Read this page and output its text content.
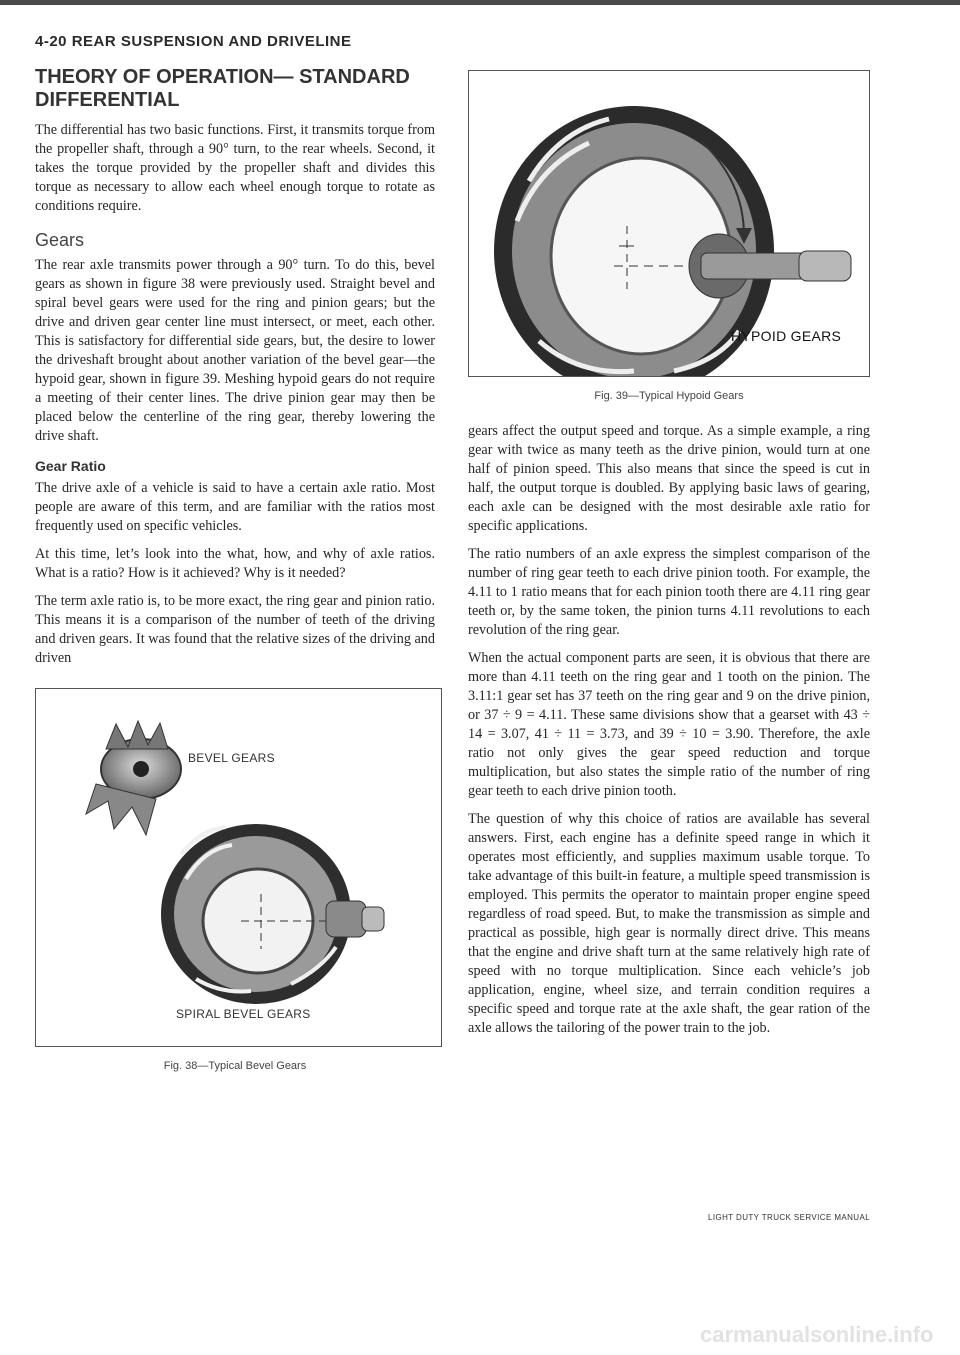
4-20 REAR SUSPENSION AND DRIVELINE
THEORY OF OPERATION— STANDARD DIFFERENTIAL

The differential has two basic functions. First, it transmits torque from the propeller shaft, through a 90° turn, to the rear wheels. Second, it takes the torque provided by the propeller shaft and divides this torque as necessary to allow each wheel enough torque to rotate as conditions require.

Gears

The rear axle transmits power through a 90° turn. To do this, bevel gears as shown in figure 38 were previously used. Straight bevel and spiral bevel gears were used for the ring and pinion gears; but the drive and driven gear center line must intersect, or meet, each other. This is satisfactory for differential side gears, but, the desire to lower the driveshaft brought about another variation of the bevel gear—the hypoid gear, shown in figure 39. Meshing hypoid gears do not require a meeting of their center lines. The drive pinion gear may then be placed below the centerline of the ring gear, thereby lowering the drive shaft.

Gear Ratio

The drive axle of a vehicle is said to have a certain axle ratio. Most people are aware of this term, and are familiar with the ratios most frequently used on specific vehicles.

At this time, let’s look into the what, how, and why of axle ratios. What is a ratio? How is it achieved? Why is it needed?

The term axle ratio is, to be more exact, the ring gear and pinion ratio. This means it is a comparison of the number of teeth of the driving and driven gears. It was found that the relative sizes of the driving and driven

BEVEL GEARS
SPIRAL BEVEL GEARS
Fig. 38—Typical Bevel Gears
HYPOID GEARS
Fig. 39—Typical Hypoid Gears

gears affect the output speed and torque. As a simple example, a ring gear with twice as many teeth as the drive pinion, would turn at one half of pinion speed. This also means that since the speed is cut in half, the output torque is doubled. By applying basic laws of gearing, each axle can be designed with the most desirable axle ratio for specific applications.

The ratio numbers of an axle express the simplest comparison of the number of ring gear teeth to each drive pinion tooth. For example, the 4.11 to 1 ratio means that for each pinion tooth there are 4.11 ring gear teeth or, by the same token, the pinion turns 4.11 revolutions to each revolution of the ring gear.

When the actual component parts are seen, it is obvious that there are more than 4.11 teeth on the ring gear and 1 tooth on the pinion. The 3.11:1 gear set has 37 teeth on the ring gear and 9 on the drive pinion, or 37 ÷ 9 = 4.11. These same divisions show that a gearset with 43 ÷ 14 = 3.07, 41 ÷ 11 = 3.73, and 39 ÷ 10 = 3.90. Therefore, the axle ratio not only gives the gear speed reduction and torque multiplication, but also states the simple ratio of the number of ring gear teeth to each drive pinion tooth.

The question of why this choice of ratios are available has several answers. First, each engine has a definite speed range in which it operates most efficiently, and supplies maximum usable torque. To take advantage of this built-in feature, a multiple speed transmission is employed. This permits the operator to maintain proper engine speed regardless of road speed. But, to make the transmission as simple and practical as possible, high gear is normally direct drive. This means that the engine and drive shaft turn at the same relatively high rate of speed with no torque multiplication. Since each vehicle’s job application, engine, wheel size, and terrain condition requires a specific speed and torque rate at the axle shaft, the gear ration of the axle allows the tailoring of the power train to the job.

LIGHT DUTY TRUCK SERVICE MANUAL
carmanualsonline.info
